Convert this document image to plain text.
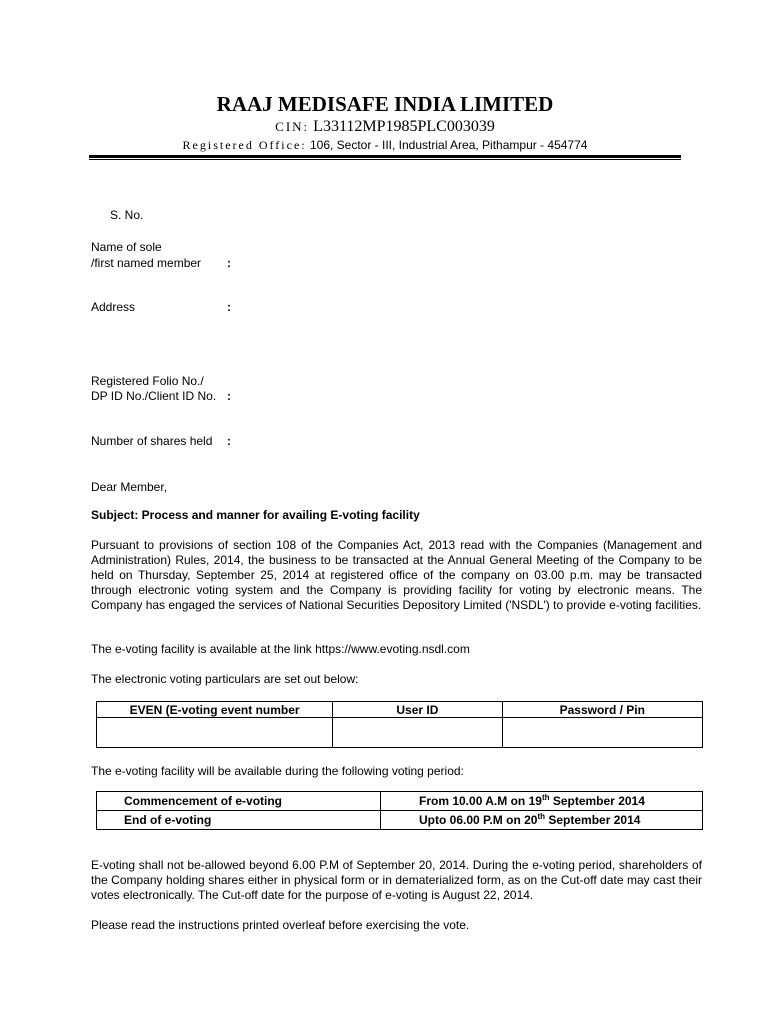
RAAJ MEDISAFE INDIA LIMITED
CIN: L33112MP1985PLC003039
Registered Office: 106, Sector - III, Industrial Area, Pithampur - 454774
S. No.
Name of sole
/first named member :
Address	:
Registered Folio No./
DP ID No./Client ID No. :
Number of shares held :
Dear Member,
Subject: Process and manner for availing E-voting facility
Pursuant to provisions of section 108 of the Companies Act, 2013 read with the Companies (Management and Administration) Rules, 2014, the business to be transacted at the Annual General Meeting of the Company to be held on Thursday, September 25, 2014 at registered office of the company on 03.00 p.m. may be transacted through electronic voting system and the Company is providing facility for voting by electronic means. The Company has engaged the services of National Securities Depository Limited ('NSDL') to provide e-voting facilities.
The e-voting facility is available at the link https://www.evoting.nsdl.com
The electronic voting particulars are set out below:
EVEN (E-voting event number	User ID	Password / Pin

The e-voting facility will be available during the following voting period:
Commencement of e-voting	From 10.00 A.M on 19th September 2014
End of e-voting	Upto 06.00 P.M on 20th September 2014
E-voting shall not be-allowed beyond 6.00 P.M of September 20, 2014. During the e-voting period, shareholders of the Company holding shares either in physical form or in dematerialized form, as on the Cut-off date may cast their votes electronically. The Cut-off date for the purpose of e-voting is August 22, 2014.
Please read the instructions printed overleaf before exercising the vote.
